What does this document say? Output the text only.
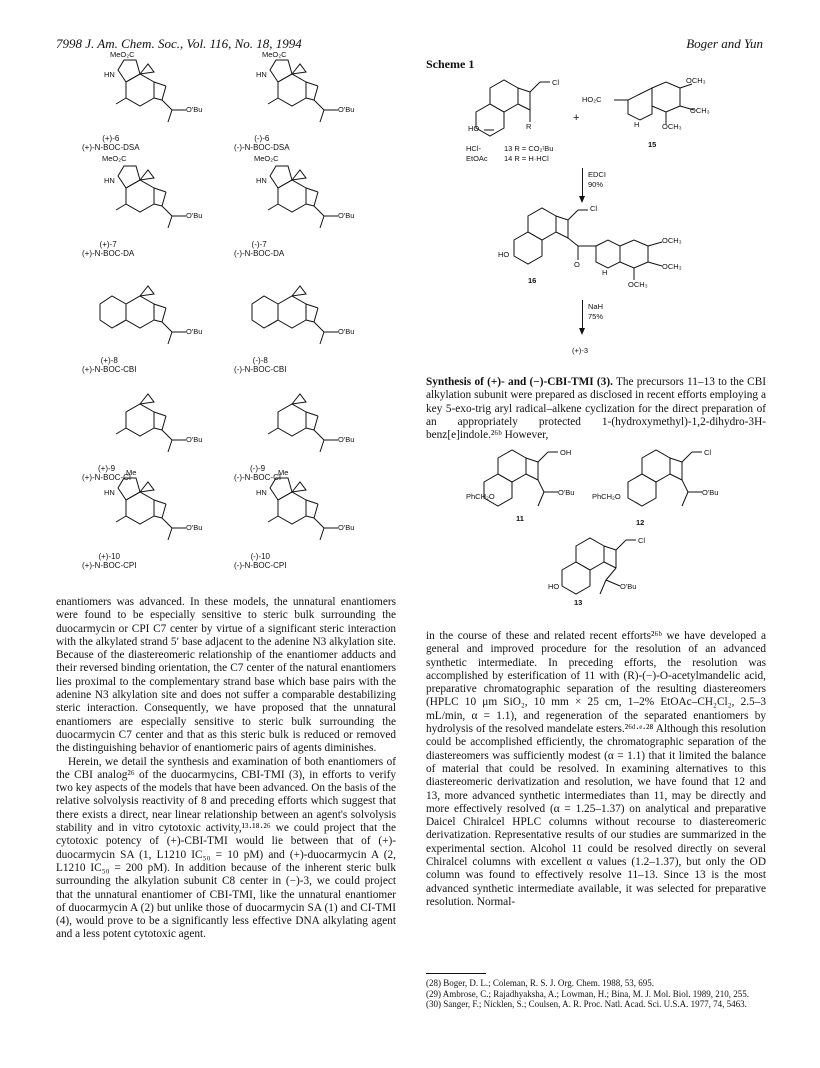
7998 J. Am. Chem. Soc., Vol. 116, No. 18, 1994	Boger and Yun
O'Bu
MeO₂C
HN
(+)-6
(+)-N-BOC-DSA
O'Bu
MeO₂C
HN
(-)-6
(-)-N-BOC-DSA
O'Bu
MeO₂C
HN
(+)-7
(+)-N-BOC-DA
O'Bu
MeO₂C
HN
(-)-7
(-)-N-BOC-DA
O'Bu
(+)-8
(+)-N-BOC-CBI
O'Bu
(-)-8
(-)-N-BOC-CBI
O'Bu
(+)-9
(+)-N-BOC-CI
O'Bu
(-)-9
(-)-N-BOC-CI
O'Bu
Me
HN
(+)-10
(+)-N-BOC-CPI
O'Bu
Me
HN
(-)-10
(-)-N-BOC-CPI

enantiomers was advanced. In these models, the unnatural enantiomers were found to be especially sensitive to steric bulk surrounding the duocarmycin or CPI C7 center by virtue of a significant steric interaction with the alkylated strand 5′ base adjacent to the adenine N3 alkylation site. Because of the diastereomeric relationship of the enantiomer adducts and their reversed binding orientation, the C7 center of the natural enantiomers lies proximal to the complementary strand base which base pairs with the adenine N3 alkylation site and does not suffer a comparable destabilizing steric interaction. Consequently, we have proposed that the unnatural enantiomers are especially sensitive to steric bulk surrounding the duocarmycin C7 center and that as this steric bulk is reduced or removed the distinguishing behavior of enantiomeric pairs of agents diminishes.

Herein, we detail the synthesis and examination of both enantiomers of the CBI analog²⁶ of the duocarmycins, CBI-TMI (3), in efforts to verify two key aspects of the models that have been advanced. On the basis of the relative solvolysis reactivity of 8 and preceding efforts which suggest that there exists a direct, near linear relationship between an agent's solvolysis stability and in vitro cytotoxic activity,¹³·¹⁸·²⁶ we could project that the cytotoxic potency of (+)-CBI-TMI would lie between that of (+)-duocarmycin SA (1, L1210 IC₅₀ = 10 pM) and (+)-duocarmycin A (2, L1210 IC₅₀ = 200 pM). In addition because of the inherent steric bulk surrounding the alkylation subunit C8 center in (−)-3, we could project that the unnatural enantiomer of CBI-TMI, like the unnatural enantiomer of duocarmycin A (2) but unlike those of duocarmycin SA (1) and CI-TMI (4), would prove to be a significantly less effective DNA alkylating agent and a less potent cytotoxic agent.

Scheme 1
Cl
R
HO
+
OCH₃
OCH₃
OCH₃
HO₂C
H
15
HCl-
EtOAc
13 R = CO₂ᵗBu
14 R = H·HCl
EDCI
90%
Cl
HO
O
H
OCH₃
OCH₃
OCH₃
16
NaH
75%
(+)-3

Synthesis of (+)- and (−)-CBI-TMI (3). The precursors 11–13 to the CBI alkylation subunit were prepared as disclosed in recent efforts employing a key 5-exo-trig aryl radical–alkene cyclization for the direct preparation of an appropriately protected 1-(hydroxymethyl)-1,2-dihydro-3H-benz[e]indole.²⁶ᵇ However,

OH
PhCH₂O	O'Bu
11
Cl
PhCH₂O	O'Bu
12
Cl
HO	O'Bu
13

in the course of these and related recent efforts²⁶ᵇ we have developed a general and improved procedure for the resolution of an advanced synthetic intermediate. In preceding efforts, the resolution was accomplished by esterification of 11 with (R)-(−)-O-acetylmandelic acid, preparative chromatographic separation of the resulting diastereomers (HPLC 10 μm SiO₂, 10 mm × 25 cm, 1–2% EtOAc–CH₂Cl₂, 2.5–3 mL/min, α = 1.1), and regeneration of the separated enantiomers by hydrolysis of the resolved mandelate esters.²⁶ᵈ·ᵉ·²⁸ Although this resolution could be accomplished efficiently, the chromatographic separation of the diastereomers was sufficiently modest (α = 1.1) that it limited the balance of material that could be resolved. In examining alternatives to this diastereomeric derivatization and resolution, we have found that 12 and 13, more advanced synthetic intermediates than 11, may be directly and more effectively resolved (α = 1.25–1.37) on analytical and preparative Daicel Chiralcel HPLC columns without recourse to diastereomeric derivatization. Representative results of our studies are summarized in the experimental section. Alcohol 11 could be resolved directly on several Chiralcel columns with excellent α values (1.2–1.37), but only the OD column was found to effectively resolve 11–13. Since 13 is the most advanced synthetic intermediate available, it was selected for preparative resolution. Normal-

(28) Boger, D. L.; Coleman, R. S. J. Org. Chem. 1988, 53, 695.
(29) Ambrose, C.; Rajadhyaksha, A.; Lowman, H.; Bina, M. J. Mol. Biol. 1989, 210, 255.
(30) Sanger, F.; Nicklen, S.; Coulsen, A. R. Proc. Natl. Acad. Sci. U.S.A. 1977, 74, 5463.
